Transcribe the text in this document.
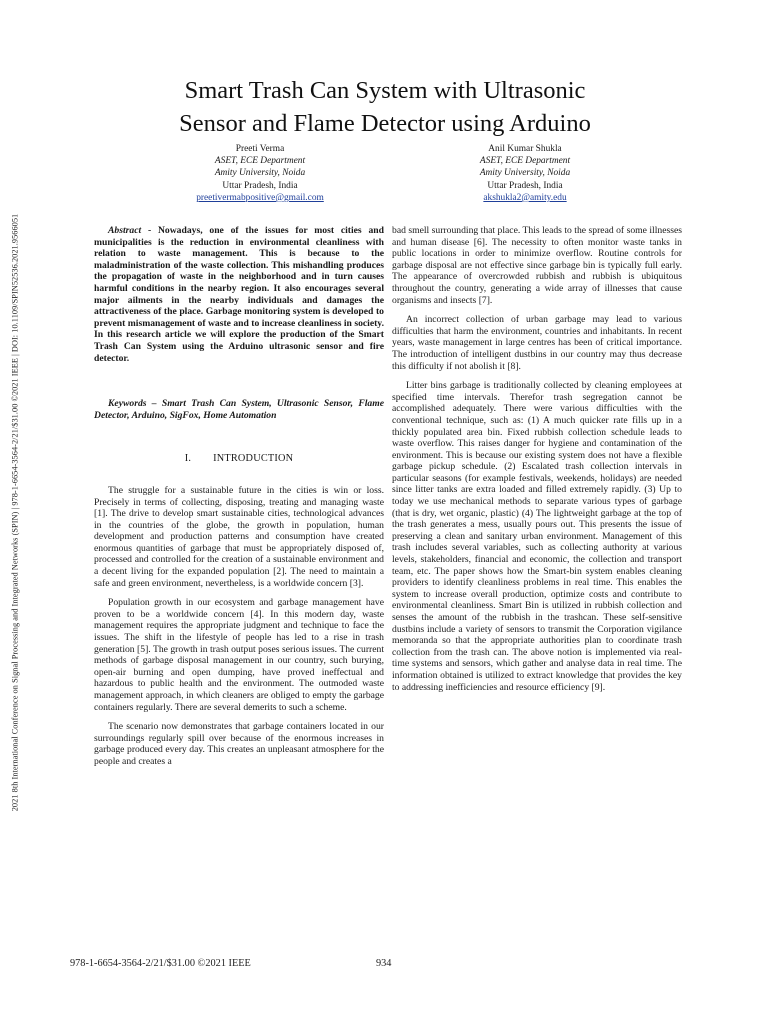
2021 8th International Conference on Signal Processing and Integrated Networks (SPIN) | 978-1-6654-3564-2/21/$31.00 ©2021 IEEE | DOI: 10.1109/SPIN52536.2021.9566051
Smart Trash Can System with Ultrasonic
Sensor and Flame Detector using Arduino
Preeti Verma
ASET, ECE Department
Amity University, Noida
Uttar Pradesh, India
preetivermabpositive@gmail.com
Anil Kumar Shukla
ASET, ECE Department
Amity University, Noida
Uttar Pradesh, India
akshukla2@amity.edu

Abstract - Nowadays, one of the issues for most cities and municipalities is the reduction in environmental cleanliness with relation to waste management. This is because to the maladministration of the waste collection. This mishandling produces the propagation of waste in the neighborhood and in turn causes harmful conditions in the nearby region. It also encourages several major ailments in the nearby individuals and damages the attractiveness of the place. Garbage monitoring system is developed to prevent mismanagement of waste and to increase cleanliness in society. In this research article we will explore the production of the Smart Trash Can System using the Arduino ultrasonic sensor and fire detector.

Keywords – Smart Trash Can System, Ultrasonic Sensor, Flame Detector, Arduino, SigFox, Home Automation

I. INTRODUCTION

The struggle for a sustainable future in the cities is win or loss. Precisely in terms of collecting, disposing, treating and managing waste [1]. The drive to develop smart sustainable cities, technological advances in the countries of the globe, the growth in population, human development and production patterns and consumption have created enormous quantities of garbage that must be appropriately disposed of, processed and controlled for the creation of a sustainable environment and a decent living for the expanded population [2]. The need to maintain a safe and green environment, nevertheless, is a worldwide concern [3].

Population growth in our ecosystem and garbage management have proven to be a worldwide concern [4]. In this modern day, waste management requires the appropriate judgment and technique to face the issues. The shift in the lifestyle of people has led to a rise in trash generation [5]. The growth in trash output poses serious issues. The current methods of garbage disposal management in our country, such burying, open-air burning and open dumping, have proved ineffectual and hazardous to public health and the environment. The outmoded waste management approach, in which cleaners are obliged to empty the garbage containers regularly. There are several demerits to such a scheme.

The scenario now demonstrates that garbage containers located in our surroundings regularly spill over because of the enormous increases in garbage produced every day. This creates an unpleasant atmosphere for the people and creates a

bad smell surrounding that place. This leads to the spread of some illnesses and human disease [6]. The necessity to often monitor waste tanks in public locations in order to minimize overflow. Routine controls for garbage disposal are not effective since garbage bin is typically full early. The appearance of overcrowded rubbish and rubbish is ubiquitous throughout the country, generating a wide array of illnesses that cause organisms and insects [7].

An incorrect collection of urban garbage may lead to various difficulties that harm the environment, countries and inhabitants. In recent years, waste management in large centres has been of critical importance. The introduction of intelligent dustbins in our country may thus decrease this difficulty if not abolish it [8].

Litter bins garbage is traditionally collected by cleaning employees at specified time intervals. Therefor trash segregation cannot be accomplished adequately. There were various difficulties with the conventional technique, such as: (1) A much quicker rate fills up in a thickly populated area bin. Fixed rubbish collection schedule leads to waste overflow. This raises danger for hygiene and contamination of the environment. This is because our existing system does not have a flexible garbage pickup schedule. (2) Escalated trash collection intervals in particular seasons (for example festivals, weekends, holidays) are needed since litter tanks are extra loaded and filled extremely rapidly. (3) Up to today we use mechanical methods to separate various types of garbage (that is dry, wet organic, plastic) (4) The lightweight garbage at the top of the trash generates a mess, usually pours out. This presents the issue of preserving a clean and sanitary urban environment. Management of this trash includes several variables, such as collecting authority at various levels, stakeholders, financial and economic, the collection and transport team, etc. The paper shows how the Smart-bin system enables cleaning providers to identify cleanliness problems in real time. This enables the system to increase overall production, optimize costs and contribute to environmental cleanliness. Smart Bin is utilized in rubbish collection and senses the amount of the rubbish in the trashcan. These self-sensitive dustbins include a variety of sensors to transmit the Corporation vigilance memoranda so that the appropriate authorities plan to coordinate trash collection from the trash can. The above notion is implemented via real-time systems and sensors, which gather and analyse data in real time. The information obtained is utilized to extract knowledge that provides the key to addressing inefficiencies and resource efficiency [9].

978-1-6654-3564-2/21/$31.00 ©2021 IEEE	934
